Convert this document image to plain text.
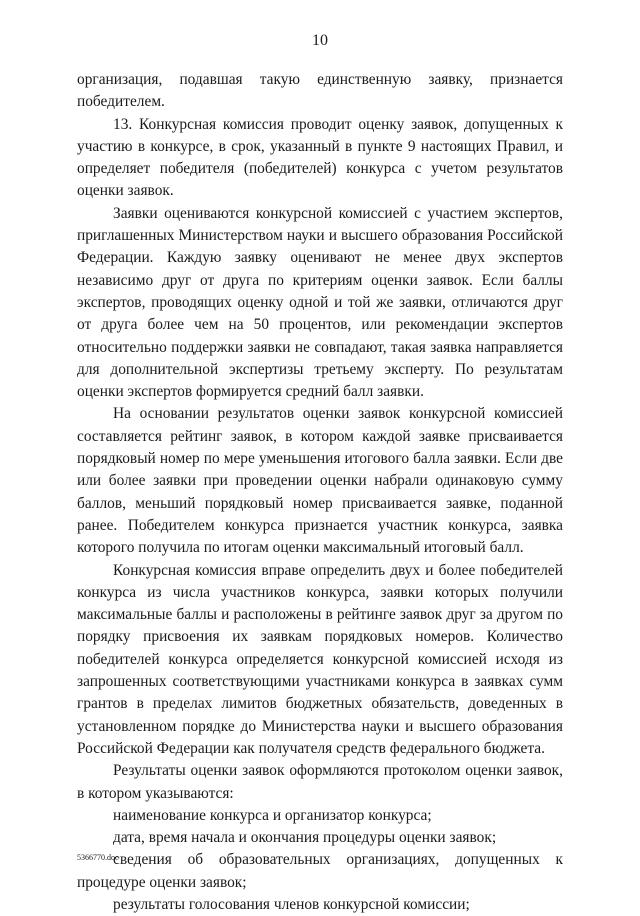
10

организация, подавшая такую единственную заявку, признается победителем.

13. Конкурсная комиссия проводит оценку заявок, допущенных к участию в конкурсе, в срок, указанный в пункте 9 настоящих Правил, и определяет победителя (победителей) конкурса с учетом результатов оценки заявок.

Заявки оцениваются конкурсной комиссией с участием экспертов, приглашенных Министерством науки и высшего образования Российской Федерации. Каждую заявку оценивают не менее двух экспертов независимо друг от друга по критериям оценки заявок. Если баллы экспертов, проводящих оценку одной и той же заявки, отличаются друг от друга более чем на 50 процентов, или рекомендации экспертов относительно поддержки заявки не совпадают, такая заявка направляется для дополнительной экспертизы третьему эксперту. По результатам оценки экспертов формируется средний балл заявки.

На основании результатов оценки заявок конкурсной комиссией составляется рейтинг заявок, в котором каждой заявке присваивается порядковый номер по мере уменьшения итогового балла заявки. Если две или более заявки при проведении оценки набрали одинаковую сумму баллов, меньший порядковый номер присваивается заявке, поданной ранее. Победителем конкурса признается участник конкурса, заявка которого получила по итогам оценки максимальный итоговый балл.

Конкурсная комиссия вправе определить двух и более победителей конкурса из числа участников конкурса, заявки которых получили максимальные баллы и расположены в рейтинге заявок друг за другом по порядку присвоения их заявкам порядковых номеров. Количество победителей конкурса определяется конкурсной комиссией исходя из запрошенных соответствующими участниками конкурса в заявках сумм грантов в пределах лимитов бюджетных обязательств, доведенных в установленном порядке до Министерства науки и высшего образования Российской Федерации как получателя средств федерального бюджета.

Результаты оценки заявок оформляются протоколом оценки заявок, в котором указываются:

наименование конкурса и организатор конкурса;

дата, время начала и окончания процедуры оценки заявок;

сведения об образовательных организациях, допущенных к процедуре оценки заявок;

результаты голосования членов конкурсной комиссии;

5366770.doc
